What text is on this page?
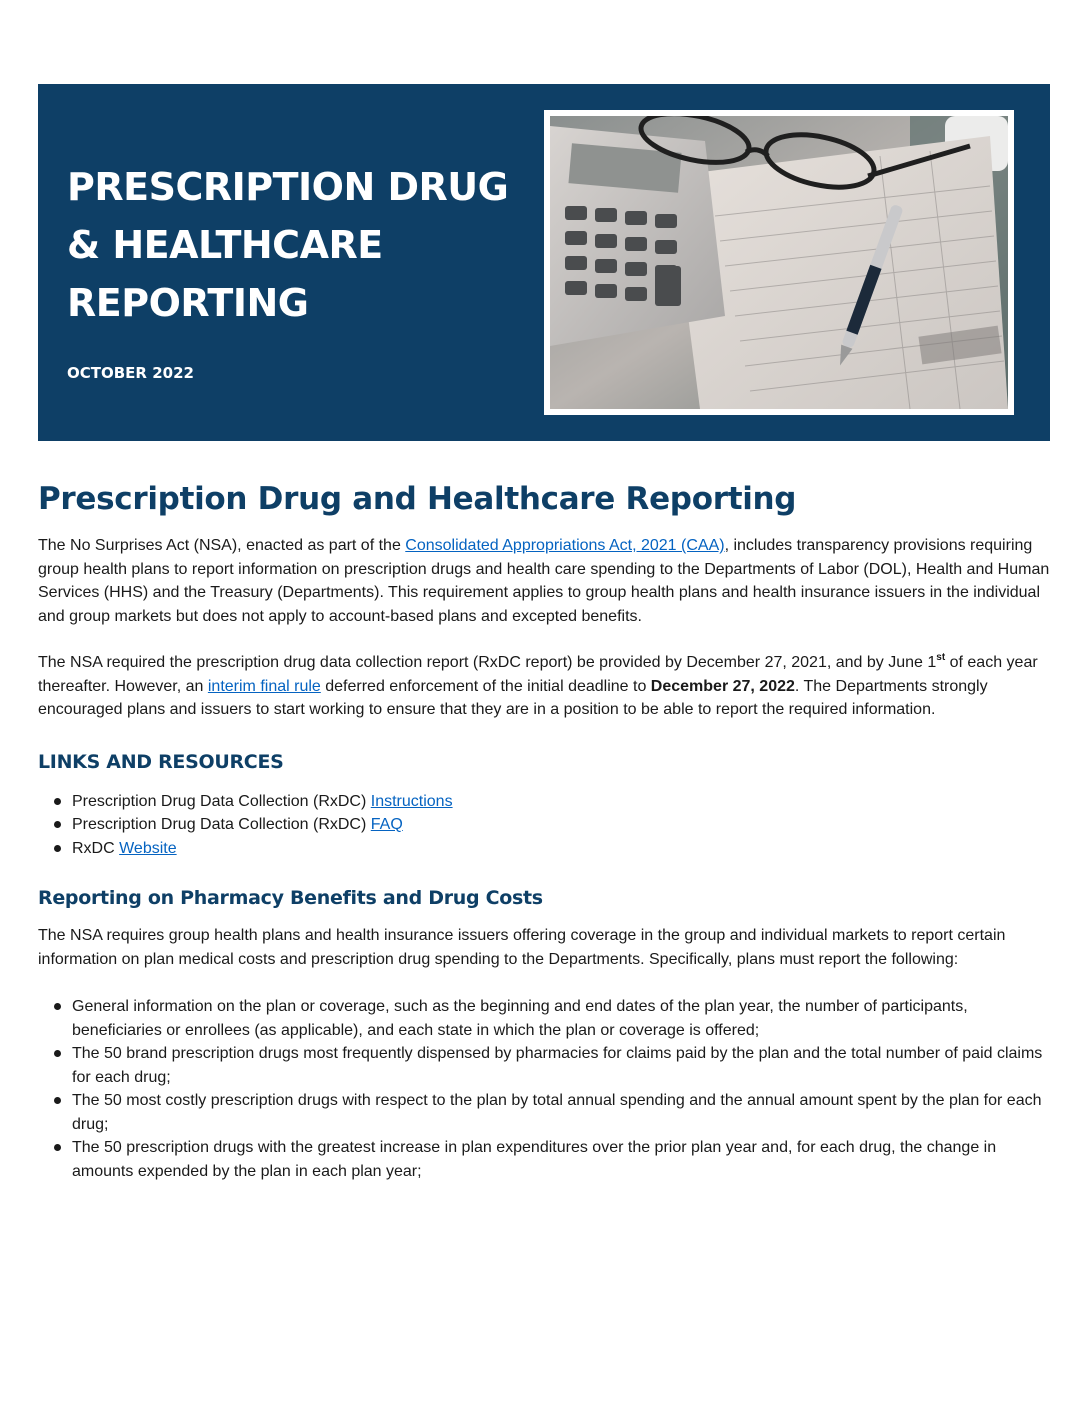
PRESCRIPTION DRUG
& HEALTHCARE
REPORTING
OCTOBER 2022
Prescription Drug and Healthcare Reporting

The No Surprises Act (NSA), enacted as part of the Consolidated Appropriations Act, 2021 (CAA), includes transparency provisions requiring group health plans to report information on prescription drugs and health care spending to the Departments of Labor (DOL), Health and Human Services (HHS) and the Treasury (Departments). This requirement applies to group health plans and health insurance issuers in the individual and group markets but does not apply to account-based plans and excepted benefits.

The NSA required the prescription drug data collection report (RxDC report) be provided by December 27, 2021, and by June 1st of each year thereafter. However, an interim final rule deferred enforcement of the initial deadline to December 27, 2022. The Departments strongly encouraged plans and issuers to start working to ensure that they are in a position to be able to report the required information.

LINKS AND RESOURCES
Prescription Drug Data Collection (RxDC) Instructions
Prescription Drug Data Collection (RxDC) FAQ
RxDC Website
Reporting on Pharmacy Benefits and Drug Costs

The NSA requires group health plans and health insurance issuers offering coverage in the group and individual markets to report certain information on plan medical costs and prescription drug spending to the Departments. Specifically, plans must report the following:

General information on the plan or coverage, such as the beginning and end dates of the plan year, the number of participants, beneficiaries or enrollees (as applicable), and each state in which the plan or coverage is offered;
The 50 brand prescription drugs most frequently dispensed by pharmacies for claims paid by the plan and the total number of paid claims for each drug;
The 50 most costly prescription drugs with respect to the plan by total annual spending and the annual amount spent by the plan for each drug;
The 50 prescription drugs with the greatest increase in plan expenditures over the prior plan year and, for each drug, the change in amounts expended by the plan in each plan year;
